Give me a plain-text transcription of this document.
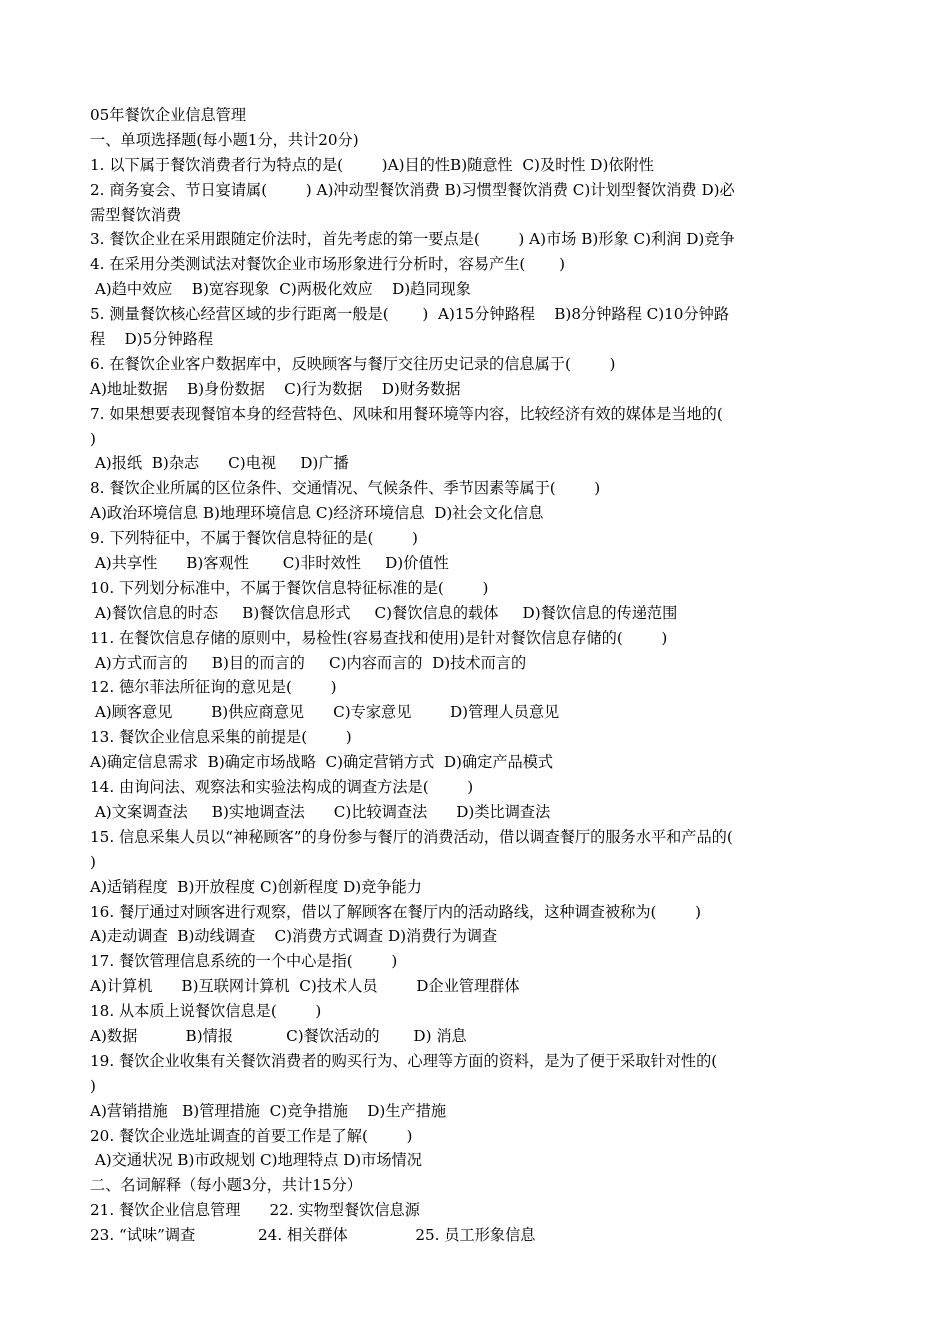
05年餐饮企业信息管理
一、单项选择题(每小题1分，共计20分)
1. 以下属于餐饮消费者行为特点的是(        )A)目的性B)随意性  C)及时性 D)依附性
2. 商务宴会、节日宴请属(        ) A)冲动型餐饮消费 B)习惯型餐饮消费 C)计划型餐饮消费 D)必
需型餐饮消费
3. 餐饮企业在采用跟随定价法时，首先考虑的第一要点是(        ) A)市场 B)形象 C)利润 D)竞争
4. 在采用分类测试法对餐饮企业市场形象进行分析时，容易产生(       )
A)趋中效应    B)宽容现象  C)两极化效应    D)趋同现象
5. 测量餐饮核心经营区域的步行距离一般是(       )  A)15分钟路程    B)8分钟路程 C)10分钟路
程    D)5分钟路程
6. 在餐饮企业客户数据库中，反映顾客与餐厅交往历史记录的信息属于(        )
A)地址数据    B)身份数据    C)行为数据    D)财务数据
7. 如果想要表现餐馆本身的经营特色、风味和用餐环境等内容，比较经济有效的媒体是当地的(
)
A)报纸  B)杂志      C)电视     D)广播
8. 餐饮企业所属的区位条件、交通情况、气候条件、季节因素等属于(        )
A)政治环境信息 B)地理环境信息 C)经济环境信息  D)社会文化信息
9. 下列特征中，不属于餐饮信息特征的是(        )
A)共享性      B)客观性       C)非时效性     D)价值性
10. 下列划分标准中，不属于餐饮信息特征标准的是(        )
A)餐饮信息的时态     B)餐饮信息形式     C)餐饮信息的载体     D)餐饮信息的传递范围
11. 在餐饮信息存储的原则中，易检性(容易查找和使用)是针对餐饮信息存储的(        )
A)方式而言的     B)目的而言的     C)内容而言的  D)技术而言的
12. 德尔菲法所征询的意见是(        )
A)顾客意见        B)供应商意见      C)专家意见        D)管理人员意见
13. 餐饮企业信息采集的前提是(        )
A)确定信息需求  B)确定市场战略  C)确定营销方式  D)确定产品模式
14. 由询问法、观察法和实验法构成的调查方法是(        )
A)文案调查法     B)实地调查法      C)比较调查法      D)类比调查法
15. 信息采集人员以“神秘顾客”的身份参与餐厅的消费活动，借以调查餐厅的服务水平和产品的(
)
A)适销程度  B)开放程度 C)创新程度 D)竞争能力
16. 餐厅通过对顾客进行观察，借以了解顾客在餐厅内的活动路线，这种调查被称为(        )
A)走动调查  B)动线调查    C)消费方式调查 D)消费行为调查
17. 餐饮管理信息系统的一个中心是指(        )
A)计算机      B)互联网计算机  C)技术人员        D企业管理群体
18. 从本质上说餐饮信息是(        )
A)数据          B)情报           C)餐饮活动的       D) 消息
19. 餐饮企业收集有关餐饮消费者的购买行为、心理等方面的资料，是为了便于采取针对性的(
)
A)营销措施   B)管理措施  C)竞争措施    D)生产措施
20. 餐饮企业选址调查的首要工作是了解(        )
A)交通状况 B)市政规划 C)地理特点 D)市场情况
二、名词解释（每小题3分，共计15分）
21. 餐饮企业信息管理      22. 实物型餐饮信息源
23. “试味”调查             24. 相关群体              25. 员工形象信息
